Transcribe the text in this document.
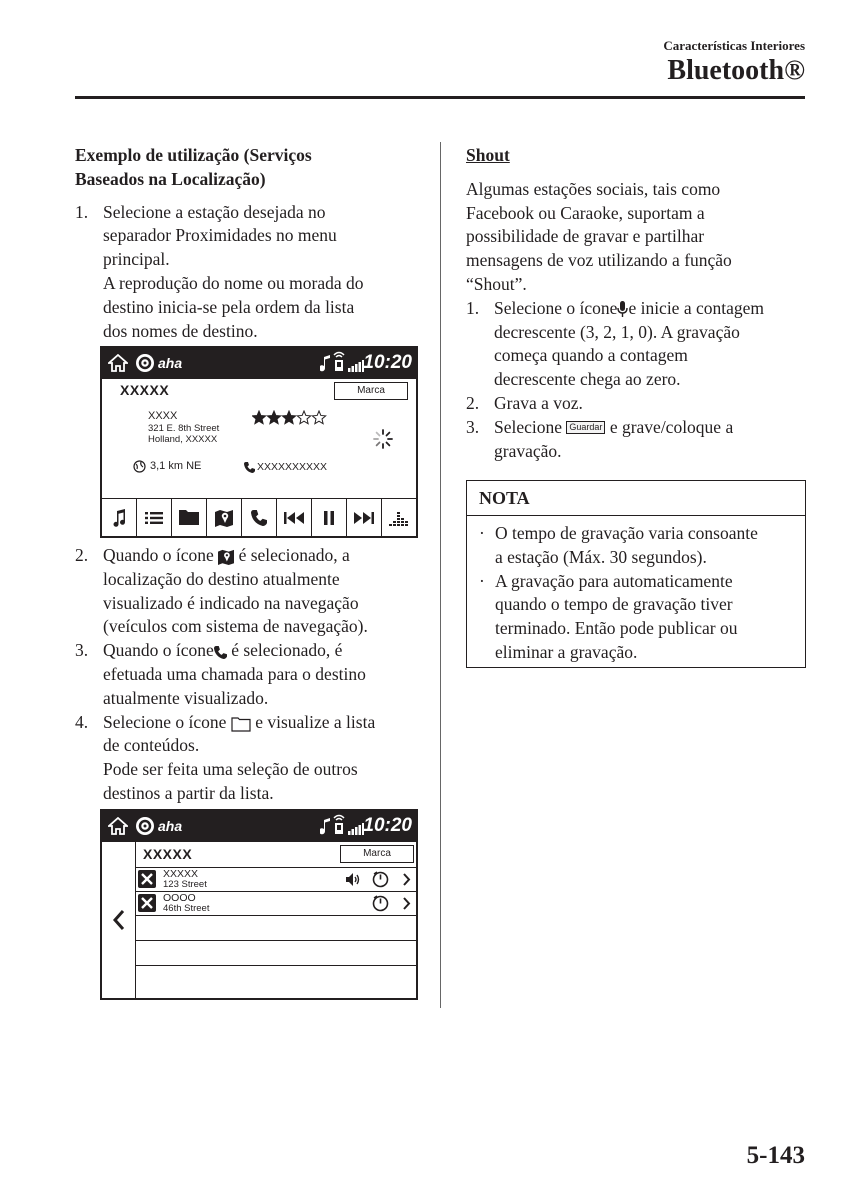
Características Interiores
Bluetooth®
Exemplo de utilização (Serviços
Baseados na Localização)
1. Selecione a estação desejada no
separador Proximidades no menu
principal.
A reprodução do nome ou morada do
destino inicia-se pela ordem da lista
dos nomes de destino.
aha	10:20
XXXXX	Marca
XXXX
321 E. 8th Street
Holland, XXXXX
3,1 km NE	XXXXXXXXXX
2. Quando o ícone é selecionado, a
localização do destino atualmente
visualizado é indicado na navegação
(veículos com sistema de navegação).
3. Quando o ícone é selecionado, é
efetuada uma chamada para o destino
atualmente visualizado.
4. Selecione o ícone e visualize a lista
de conteúdos.
Pode ser feita uma seleção de outros
destinos a partir da lista.
aha	10:20
XXXXX	Marca
XXXXX
123 Street
OOOO
46th Street
Shout
Algumas estações sociais, tais como
Facebook ou Caraoke, suportam a
possibilidade de gravar e partilhar
mensagens de voz utilizando a função
“Shout”.
1. Selecione o ícone e inicie a contagem
decrescente (3, 2, 1, 0). A gravação
começa quando a contagem
decrescente chega ao zero.
2. Grava a voz.
3. Selecione Guardar e grave/coloque a
gravação.
NOTA
· O tempo de gravação varia consoante
a estação (Máx. 30 segundos).
· A gravação para automaticamente
quando o tempo de gravação tiver
terminado. Então pode publicar ou
eliminar a gravação.
5-143
